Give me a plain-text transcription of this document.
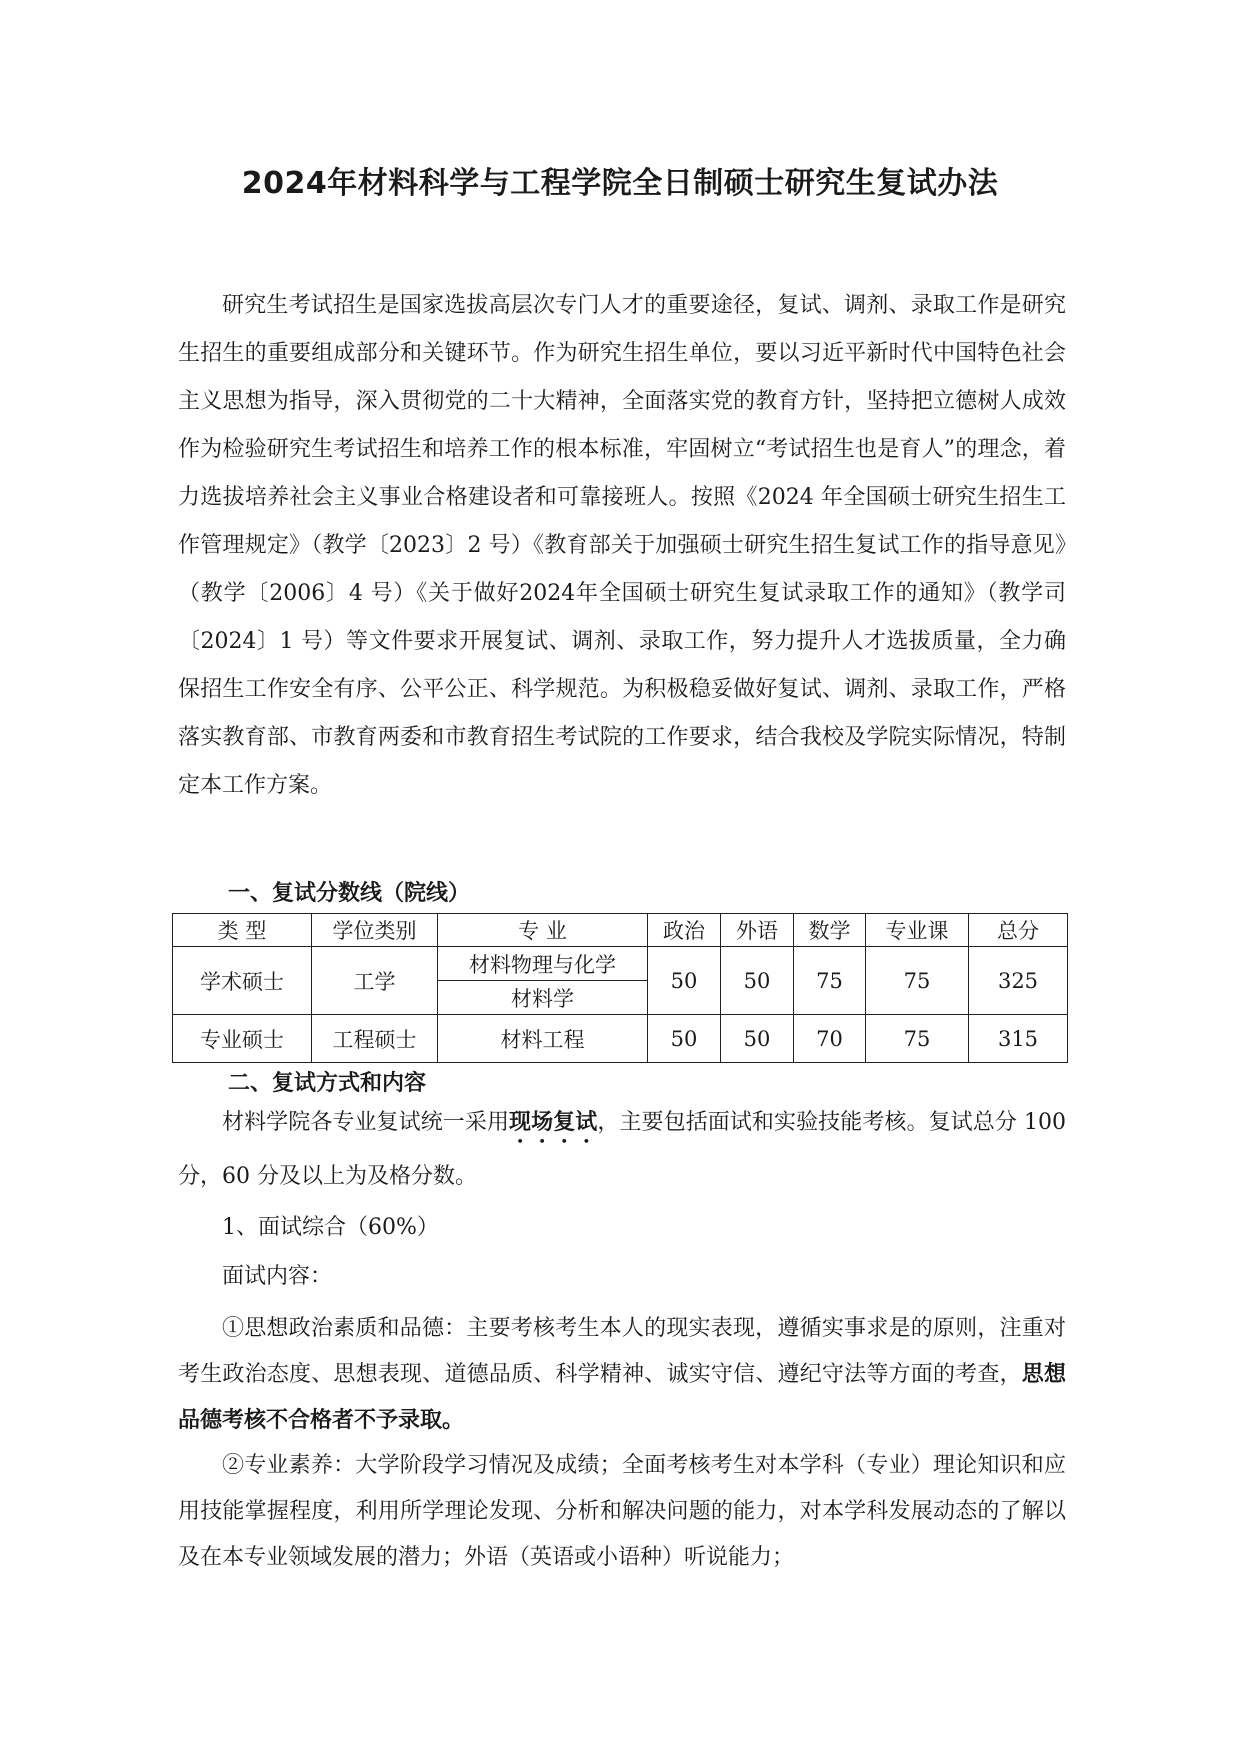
2024年材料科学与工程学院全日制硕士研究生复试办法

研究生考试招生是国家选拔高层次专门人才的重要途径，复试、调剂、录取工作是研究生招生的重要组成部分和关键环节。作为研究生招生单位，要以习近平新时代中国特色社会主义思想为指导，深入贯彻党的二十大精神，全面落实党的教育方针，坚持把立德树人成效作为检验研究生考试招生和培养工作的根本标准，牢固树立“考试招生也是育人”的理念，着力选拔培养社会主义事业合格建设者和可靠接班人。按照《2024 年全国硕士研究生招生工作管理规定》（教学〔2023〕2 号）《教育部关于加强硕士研究生招生复试工作的指导意见》（教学〔2006〕4 号）《关于做好2024年全国硕士研究生复试录取工作的通知》（教学司〔2024〕1 号）等文件要求开展复试、调剂、录取工作，努力提升人才选拔质量，全力确保招生工作安全有序、公平公正、科学规范。为积极稳妥做好复试、调剂、录取工作，严格落实教育部、市教育两委和市教育招生考试院的工作要求，结合我校及学院实际情况，特制定本工作方案。

一、复试分数线（院线）
类 型	学位类别	专 业	政治	外语	数学	专业课	总分
学术硕士	工学	材料物理与化学	50	50	75	75	325
		材料学					
专业硕士	工程硕士	材料工程	50	50	70	75	315
二、复试方式和内容

材料学院各专业复试统一采用现场复试，主要包括面试和实验技能考核。复试总分 100 分，60 分及以上为及格分数。

1、面试综合（60%）

面试内容：

①思想政治素质和品德：主要考核考生本人的现实表现，遵循实事求是的原则，注重对考生政治态度、思想表现、道德品质、科学精神、诚实守信、遵纪守法等方面的考查，思想品德考核不合格者不予录取。

②专业素养：大学阶段学习情况及成绩；全面考核考生对本学科（专业）理论知识和应用技能掌握程度，利用所学理论发现、分析和解决问题的能力，对本学科发展动态的了解以及在本专业领域发展的潜力；外语（英语或小语种）听说能力；
